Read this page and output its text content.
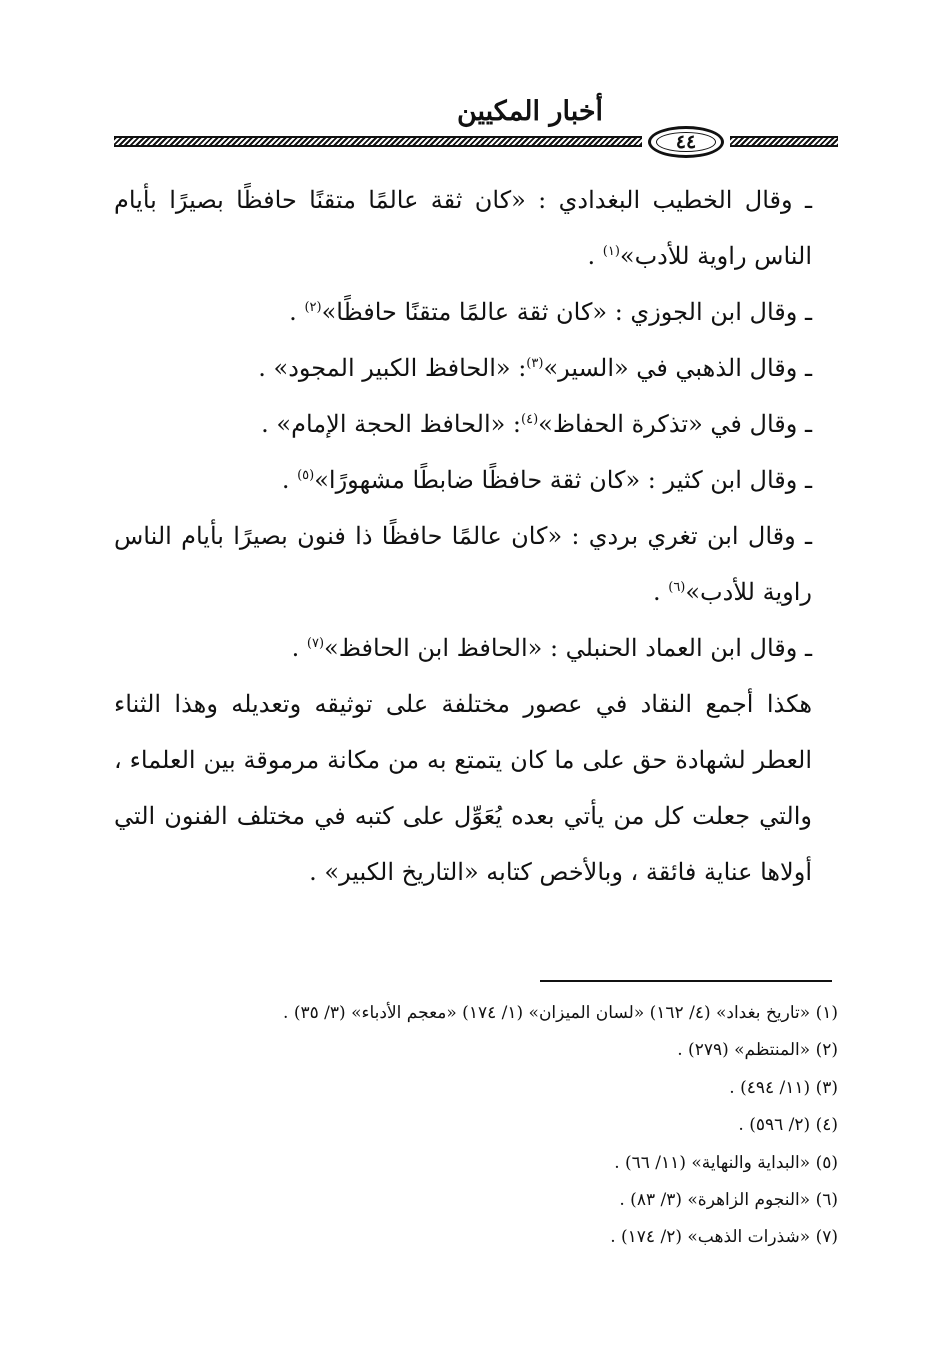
أخبار المكيين
٤٤

ـ وقال الخطيب البغدادي : «كان ثقة عالمًا متقنًا حافظًا بصيرًا بأيام الناس راوية للأدب»$^{(١)}$ .

ـ وقال ابن الجوزي : «كان ثقة عالمًا متقنًا حافظًا»$^{(٢)}$ .

ـ وقال الذهبي في «السير»$^{(٣)}$: «الحافظ الكبير المجود» .

ـ وقال في «تذكرة الحفاظ»$^{(٤)}$: «الحافظ الحجة الإمام» .

ـ وقال ابن كثير : «كان ثقة حافظًا ضابطًا مشهورًا»$^{(٥)}$ .

ـ وقال ابن تغري بردي : «كان عالمًا حافظًا ذا فنون بصيرًا بأيام الناس راوية للأدب»$^{(٦)}$ .

ـ وقال ابن العماد الحنبلي : «الحافظ ابن الحافظ»$^{(٧)}$ .

هكذا أجمع النقاد في عصور مختلفة على توثيقه وتعديله وهذا الثناء العطر لشهادة حق على ما كان يتمتع به من مكانة مرموقة بين العلماء ، والتي جعلت كل من يأتي بعده يُعَوِّل على كتبه في مختلف الفنون التي أولاها عناية فائقة ، وبالأخص كتابه «التاريخ الكبير» .

(١) «تاريخ بغداد» (٤/ ١٦٢) «لسان الميزان» (١/ ١٧٤) «معجم الأدباء» (٣/ ٣٥) .

(٢) «المنتظم» (٢٧٩) .

(٣) (١١/ ٤٩٤) .

(٤) (٢/ ٥٩٦) .

(٥) «البداية والنهاية» (١١/ ٦٦) .

(٦) «النجوم الزاهرة» (٣/ ٨٣) .

(٧) «شذرات الذهب» (٢/ ١٧٤) .
